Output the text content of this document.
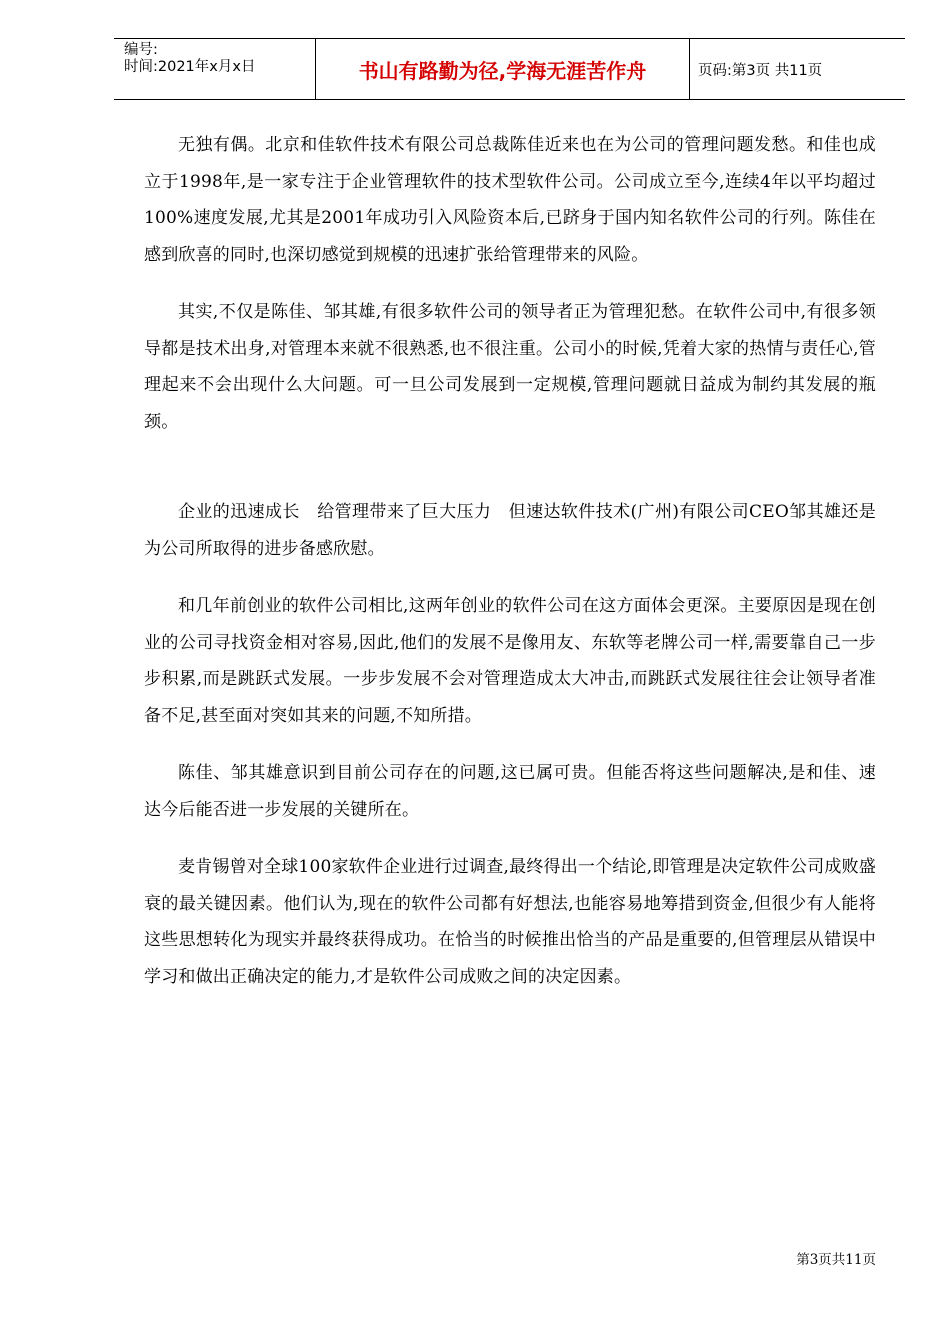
编号:
时间:2021年x月x日	书山有路勤为径,学海无涯苦作舟	页码:第3页 共11页

无独有偶。北京和佳软件技术有限公司总裁陈佳近来也在为公司的管理问题发愁。和佳也成立于1998年,是一家专注于企业管理软件的技术型软件公司。公司成立至今,连续4年以平均超过100%速度发展,尤其是2001年成功引入风险资本后,已跻身于国内知名软件公司的行列。陈佳在感到欣喜的同时,也深切感觉到规模的迅速扩张给管理带来的风险。

其实,不仅是陈佳、邹其雄,有很多软件公司的领导者正为管理犯愁。在软件公司中,有很多领导都是技术出身,对管理本来就不很熟悉,也不很注重。公司小的时候,凭着大家的热情与责任心,管理起来不会出现什么大问题。可一旦公司发展到一定规模,管理问题就日益成为制约其发展的瓶颈。

企业的迅速成长　给管理带来了巨大压力　但速达软件技术(广州)有限公司CEO邹其雄还是为公司所取得的进步备感欣慰。

和几年前创业的软件公司相比,这两年创业的软件公司在这方面体会更深。主要原因是现在创业的公司寻找资金相对容易,因此,他们的发展不是像用友、东软等老牌公司一样,需要靠自己一步步积累,而是跳跃式发展。一步步发展不会对管理造成太大冲击,而跳跃式发展往往会让领导者准备不足,甚至面对突如其来的问题,不知所措。

陈佳、邹其雄意识到目前公司存在的问题,这已属可贵。但能否将这些问题解决,是和佳、速达今后能否进一步发展的关键所在。

麦肯锡曾对全球100家软件企业进行过调查,最终得出一个结论,即管理是决定软件公司成败盛衰的最关键因素。他们认为,现在的软件公司都有好想法,也能容易地筹措到资金,但很少有人能将这些思想转化为现实并最终获得成功。在恰当的时候推出恰当的产品是重要的,但管理层从错误中学习和做出正确决定的能力,才是软件公司成败之间的决定因素。

第3页共11页
